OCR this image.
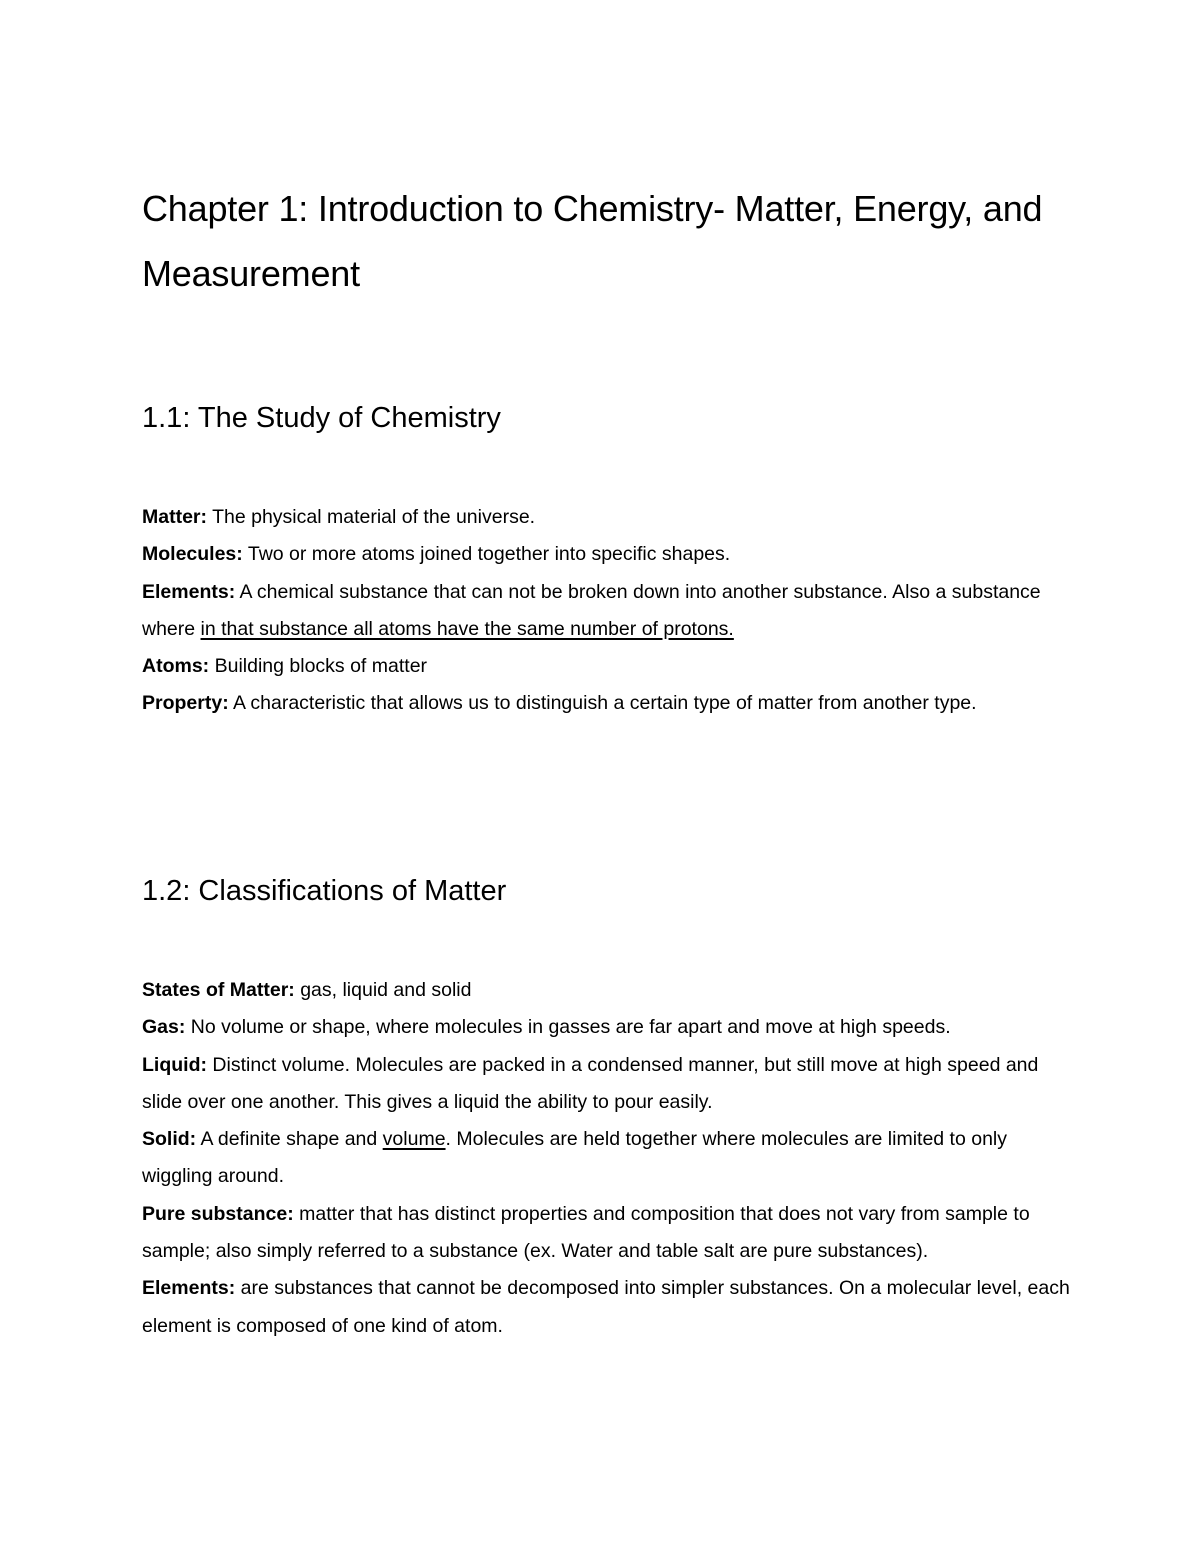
Chapter 1: Introduction to Chemistry- Matter, Energy, and Measurement
1.1: The Study of Chemistry

Matter: The physical material of the universe.

Molecules: Two or more atoms joined together into specific shapes.

Elements: A chemical substance that can not be broken down into another substance. Also a substance where in that substance all atoms have the same number of protons.

Atoms: Building blocks of matter

Property: A characteristic that allows us to distinguish a certain type of matter from another type.

1.2: Classifications of Matter

States of Matter: gas, liquid and solid

Gas: No volume or shape, where molecules in gasses are far apart and move at high speeds.

Liquid: Distinct volume. Molecules are packed in a condensed manner, but still move at high speed and slide over one another. This gives a liquid the ability to pour easily.

Solid: A definite shape and volume. Molecules are held together where molecules are limited to only wiggling around.

Pure substance: matter that has distinct properties and composition that does not vary from sample to sample; also simply referred to a substance (ex. Water and table salt are pure substances).

Elements: are substances that cannot be decomposed into simpler substances. On a molecular level, each element is composed of one kind of atom.
